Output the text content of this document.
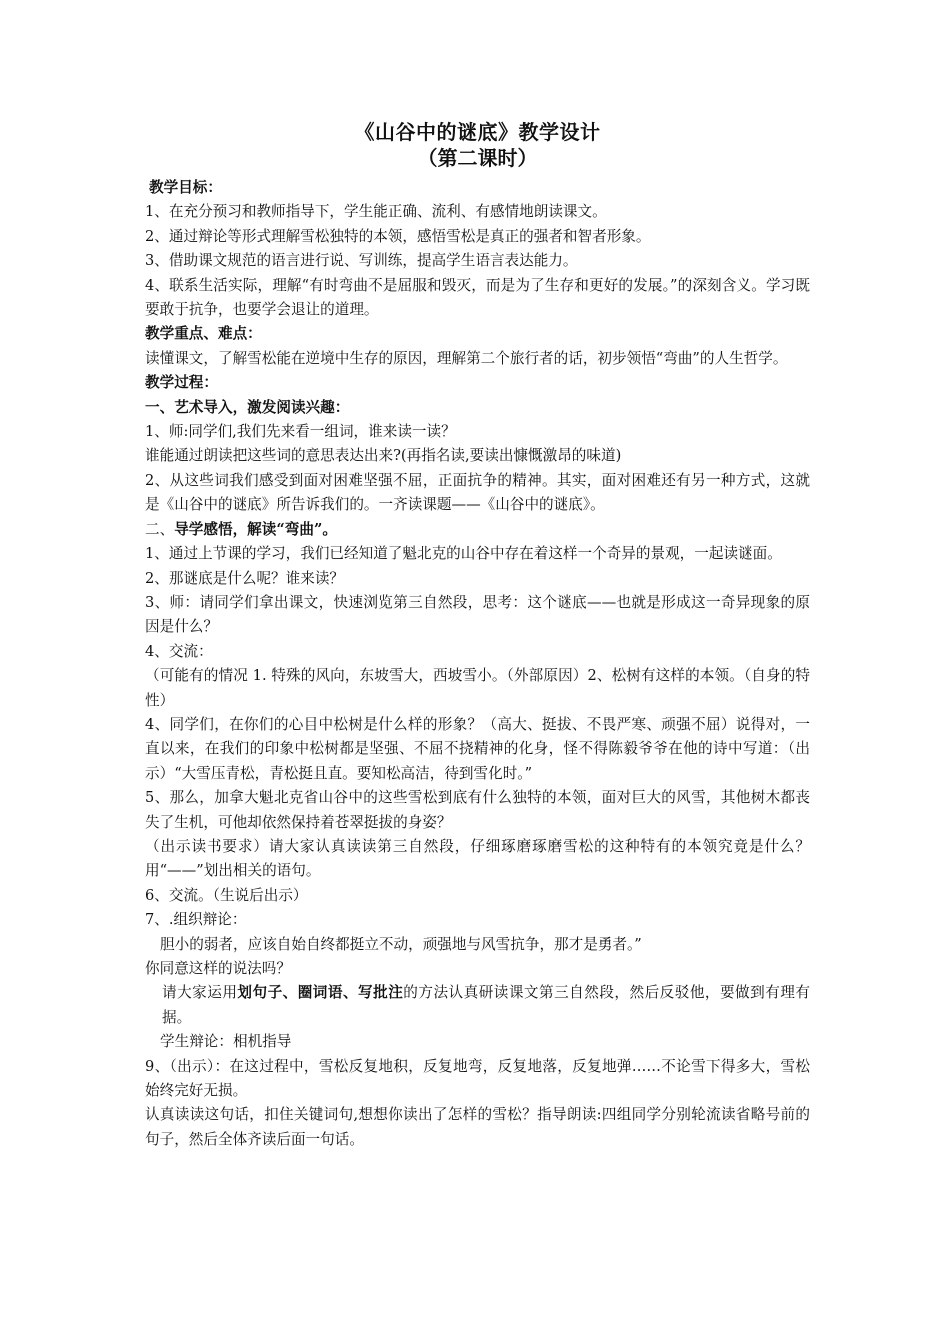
《山谷中的谜底》教学设计
（第二课时）

教学目标：

1、在充分预习和教师指导下，学生能正确、流利、有感情地朗读课文。

2、通过辩论等形式理解雪松独特的本领，感悟雪松是真正的强者和智者形象。

3、借助课文规范的语言进行说、写训练，提高学生语言表达能力。

4、联系生活实际，理解“有时弯曲不是屈服和毁灭，而是为了生存和更好的发展。”的深刻含义。学习既要敢于抗争，也要学会退让的道理。

教学重点、难点：

读懂课文，了解雪松能在逆境中生存的原因，理解第二个旅行者的话，初步领悟“弯曲”的人生哲学。

教学过程：

一、艺术导入，激发阅读兴趣：

1、师:同学们,我们先来看一组词，谁来读一读？

谁能通过朗读把这些词的意思表达出来?(再指名读,要读出慷慨激昂的味道)

2、从这些词我们感受到面对困难坚强不屈，正面抗争的精神。其实，面对困难还有另一种方式，这就是《山谷中的谜底》所告诉我们的。一齐读课题——《山谷中的谜底》。

二、导学感悟，解读“弯曲”。

1、通过上节课的学习，我们已经知道了魁北克的山谷中存在着这样一个奇异的景观，一起读谜面。

2、那谜底是什么呢？谁来读？

3、师：请同学们拿出课文，快速浏览第三自然段，思考：这个谜底——也就是形成这一奇异现象的原因是什么？

4、交流：

（可能有的情况 1. 特殊的风向，东坡雪大，西坡雪小。（外部原因）2、松树有这样的本领。（自身的特性）

4、同学们，在你们的心目中松树是什么样的形象？（高大、挺拔、不畏严寒、顽强不屈）说得对，一直以来，在我们的印象中松树都是坚强、不屈不挠精神的化身，怪不得陈毅爷爷在他的诗中写道：（出示）“大雪压青松，青松挺且直。要知松高洁，待到雪化时。”

5、那么，加拿大魁北克省山谷中的这些雪松到底有什么独特的本领，面对巨大的风雪，其他树木都丧失了生机，可他却依然保持着苍翠挺拔的身姿？

（出示读书要求）请大家认真读读第三自然段，仔细琢磨琢磨雪松的这种特有的本领究竟是什么？用“——”划出相关的语句。

6、交流。（生说后出示）

7、.组织辩论：

胆小的弱者，应该自始自终都挺立不动，顽强地与风雪抗争，那才是勇者。”

你同意这样的说法吗？

请大家运用划句子、圈词语、写批注的方法认真研读课文第三自然段，然后反驳他，要做到有理有据。

学生辩论：相机指导

9、（出示）：在这过程中，雪松反复地积，反复地弯，反复地落，反复地弹……不论雪下得多大，雪松始终完好无损。

认真读读这句话，扣住关键词句,想想你读出了怎样的雪松？指导朗读:四组同学分别轮流读省略号前的句子，然后全体齐读后面一句话。
